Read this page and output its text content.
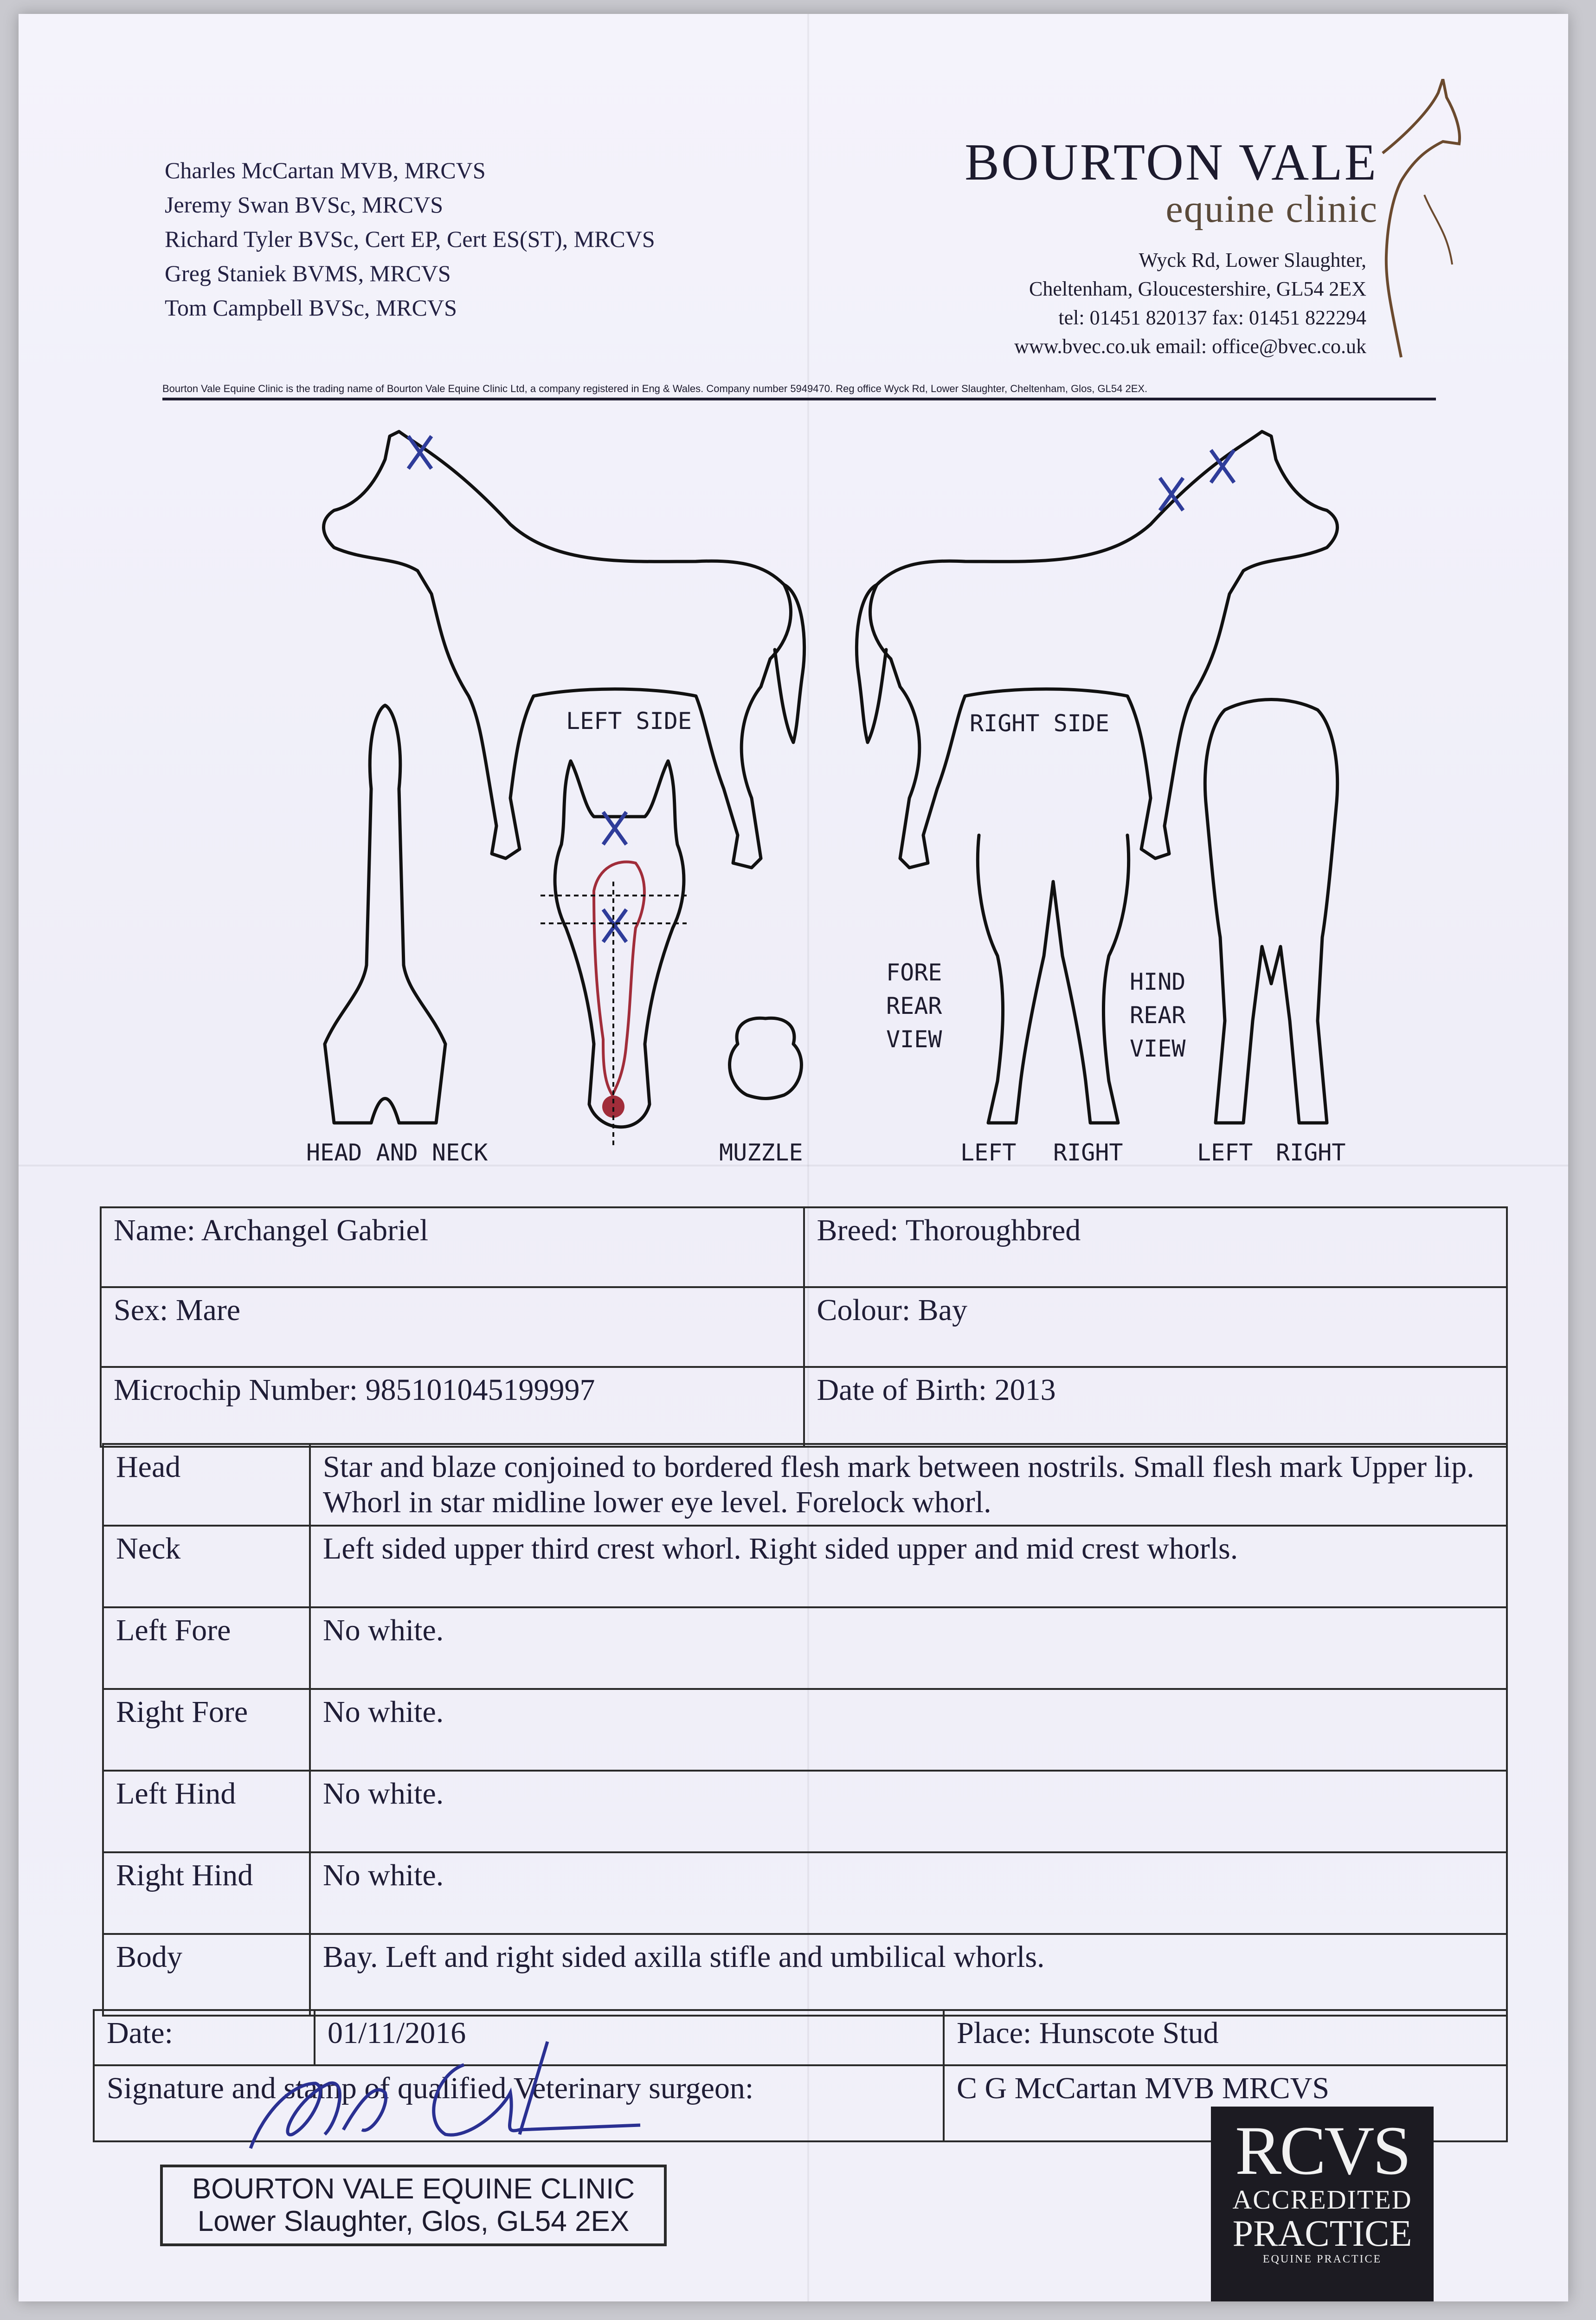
Charles McCartan MVB, MRCVS
Jeremy Swan BVSc, MRCVS
Richard Tyler BVSc, Cert EP, Cert ES(ST), MRCVS
Greg Staniek BVMS, MRCVS
Tom Campbell BVSc, MRCVS
BOURTON VALE
equine clinic
Wyck Rd, Lower Slaughter,
Cheltenham, Gloucestershire, GL54 2EX
tel: 01451 820137 fax: 01451 822294
www.bvec.co.uk email: office@bvec.co.uk
Bourton Vale Equine Clinic is the trading name of Bourton Vale Equine Clinic Ltd, a company registered in Eng & Wales. Company number 5949470. Reg office Wyck Rd, Lower Slaughter, Cheltenham, Glos, GL54 2EX.
LEFT SIDE	RIGHT SIDE
HEAD AND NECK	MUZZLE
FORE
REAR
VIEW
HIND
REAR
VIEW
LEFT RIGHT	LEFT RIGHT
Name: Archangel Gabriel	Breed: Thoroughbred
Sex: Mare	Colour: Bay
Microchip Number: 985101045199997	Date of Birth: 2013
Head	Star and blaze conjoined to bordered flesh mark between nostrils. Small flesh mark Upper lip. Whorl in star midline lower eye level. Forelock whorl.
Neck	Left sided upper third crest whorl. Right sided upper and mid crest whorls.
Left Fore	No white.
Right Fore	No white.
Left Hind	No white.
Right Hind	No white.
Body	Bay. Left and right sided axilla stifle and umbilical whorls.
Date:	01/11/2016	Place: Hunscote Stud
Signature and stamp of qualified Veterinary surgeon:		C G McCartan MVB MRCVS
BOURTON VALE EQUINE CLINIC
Lower Slaughter, Glos, GL54 2EX
RCVS
ACCREDITED
PRACTICE
EQUINE PRACTICE
